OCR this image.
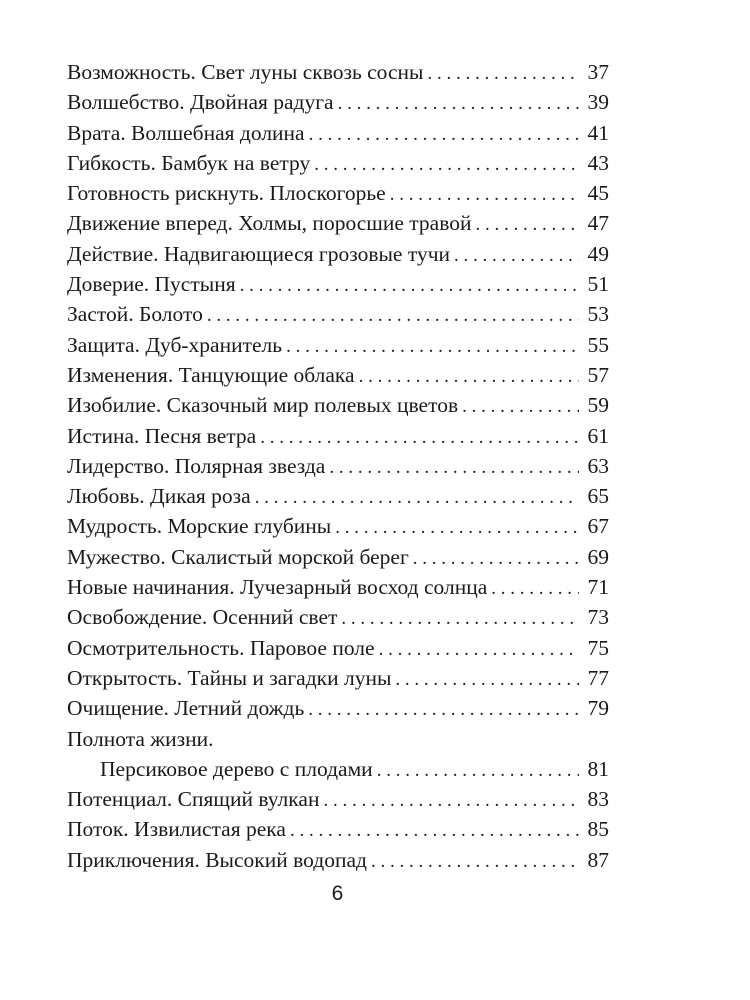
Возможность. Свет луны сквозь сосны . . .	37
Волшебство. Двойная радуга . . .	39
Врата. Волшебная долина . . .	41
Гибкость. Бамбук на ветру . . .	43
Готовность рискнуть. Плоскогорье . . .	45
Движение вперед. Холмы, поросшие травой . . .	47
Действие. Надвигающиеся грозовые тучи . . .	49
Доверие. Пустыня . . .	51
Застой. Болото . . .	53
Защита. Дуб-хранитель . . .	55
Изменения. Танцующие облака . . .	57
Изобилие. Сказочный мир полевых цветов . . .	59
Истина. Песня ветра . . .	61
Лидерство. Полярная звезда . . .	63
Любовь. Дикая роза . . .	65
Мудрость. Морские глубины . . .	67
Мужество. Скалистый морской берег . . .	69
Новые начинания. Лучезарный восход солнца . . .	71
Освобождение. Осенний свет . . .	73
Осмотрительность. Паровое поле . . .	75
Открытость. Тайны и загадки луны . . .	77
Очищение. Летний дождь . . .	79
Полнота жизни.
Персиковое дерево с плодами . . .	81
Потенциал. Спящий вулкан . . .	83
Поток. Извилистая река . . .	85
Приключения. Высокий водопад . . .	87
6
